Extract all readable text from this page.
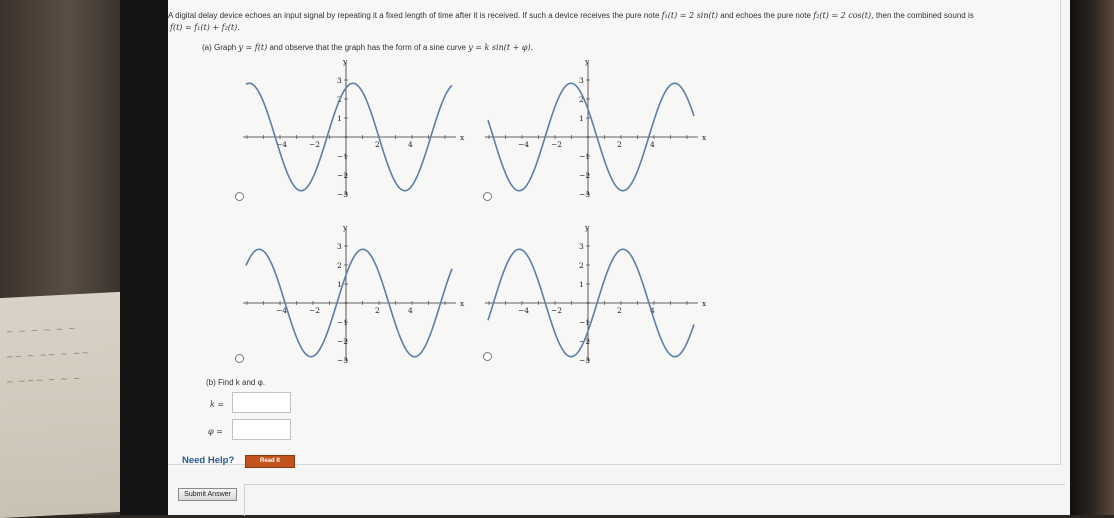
~ ~ ~ ~ ~ ~
~~ ~ ~~ ~ ~~
~ ~~~ ~ ~ ~
A digital delay device echoes an input signal by repeating it a fixed length of time after it is received. If such a device receives the pure note f₁(t) = 2 sin(t) and echoes the pure note f₂(t) = 2 cos(t), then the combined sound is
f(t) = f₁(t) + f₂(t).
(a) Graph y = f(t) and observe that the graph has the form of a sine curve y = k sin(t + φ).
−4	−2	2	4
3
2
1
−1
−2
−3
y
x
−4	−2	2	4
3
2
1
−1
−2
−3
y
x
−4	−2	2	4
3
2
1
−1
−2
−3
y
x
−4	−2	2	4
3
2
1
−1
−2
−3
y
x
(b) Find k and φ.
k =
φ =
Need Help?	Read It
Submit Answer
